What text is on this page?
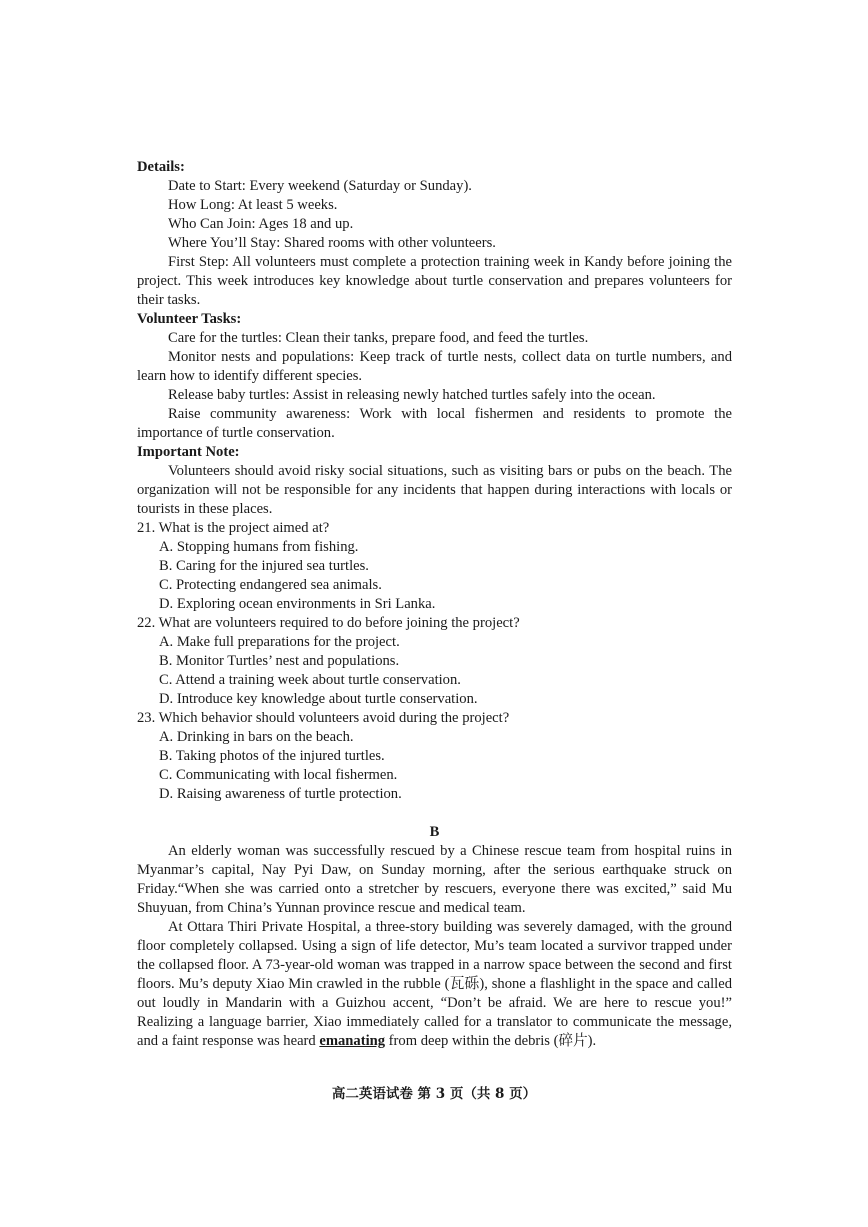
Details:

Date to Start: Every weekend (Saturday or Sunday).

How Long: At least 5 weeks.

Who Can Join: Ages 18 and up.

Where You’ll Stay: Shared rooms with other volunteers.

First Step: All volunteers must complete a protection training week in Kandy before joining the project. This week introduces key knowledge about turtle conservation and prepares volunteers for their tasks.

Volunteer Tasks:

Care for the turtles: Clean their tanks, prepare food, and feed the turtles.

Monitor nests and populations: Keep track of turtle nests, collect data on turtle numbers, and learn how to identify different species.

Release baby turtles: Assist in releasing newly hatched turtles safely into the ocean.

Raise community awareness: Work with local fishermen and residents to promote the importance of turtle conservation.

Important Note:

Volunteers should avoid risky social situations, such as visiting bars or pubs on the beach. The organization will not be responsible for any incidents that happen during interactions with locals or tourists in these places.

21. What is the project aimed at?

A. Stopping humans from fishing.

B. Caring for the injured sea turtles.

C. Protecting endangered sea animals.

D. Exploring ocean environments in Sri Lanka.

22. What are volunteers required to do before joining the project?

A. Make full preparations for the project.

B. Monitor Turtles’ nest and populations.

C. Attend a training week about turtle conservation.

D. Introduce key knowledge about turtle conservation.

23. Which behavior should volunteers avoid during the project?

A. Drinking in bars on the beach.

B. Taking photos of the injured turtles.

C. Communicating with local fishermen.

D. Raising awareness of turtle protection.

B

An elderly woman was successfully rescued by a Chinese rescue team from hospital ruins in Myanmar’s capital, Nay Pyi Daw, on Sunday morning, after the serious earthquake struck on Friday.“When she was carried onto a stretcher by rescuers, everyone there was excited,” said Mu Shuyuan, from China’s Yunnan province rescue and medical team.

At Ottara Thiri Private Hospital, a three-story building was severely damaged, with the ground floor completely collapsed. Using a sign of life detector, Mu’s team located a survivor trapped under the collapsed floor. A 73-year-old woman was trapped in a narrow space between the second and first floors. Mu’s deputy Xiao Min crawled in the rubble (瓦砾), shone a flashlight in the space and called out loudly in Mandarin with a Guizhou accent, “Don’t be afraid. We are here to rescue you!” Realizing a language barrier, Xiao immediately called for a translator to communicate the message, and a faint response was heard emanating from deep within the debris (碎片).

高二英语试卷 第 3 页（共 8 页）
